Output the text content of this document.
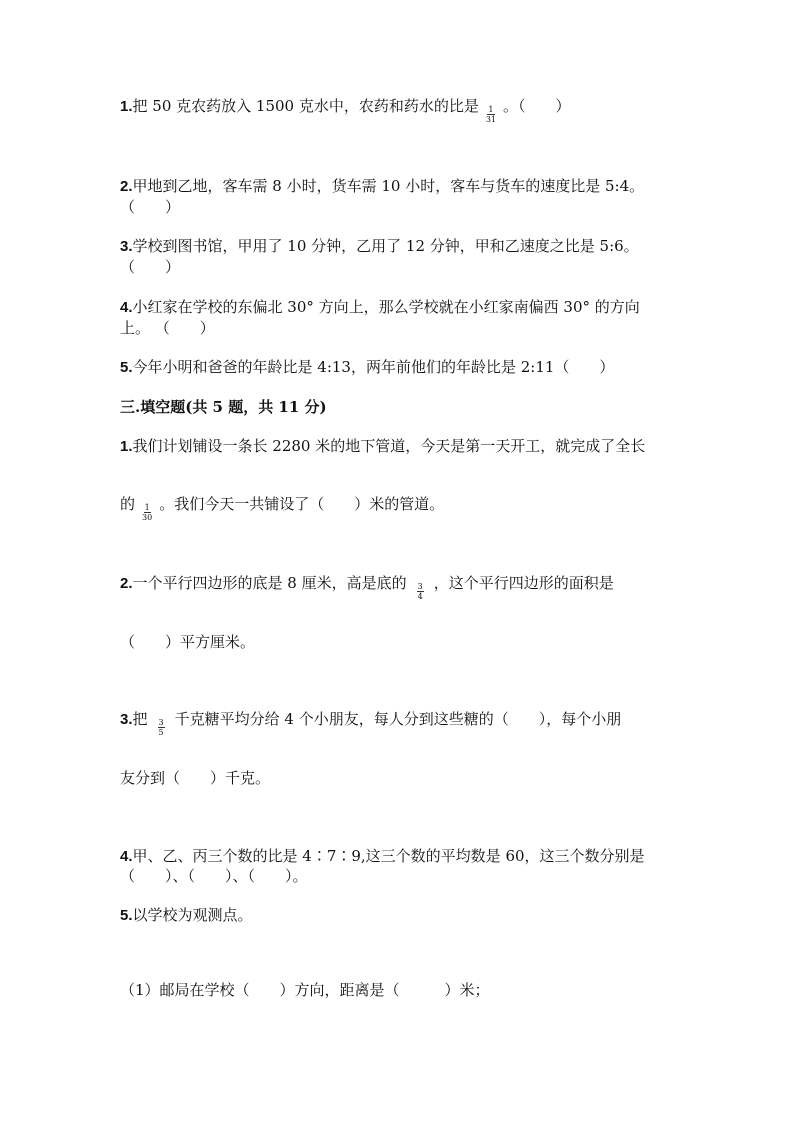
1.把 50 克农药放入 1500 克水中，农药和药水的比是 $\frac{1}{31}$ 。（　　）
2.甲地到乙地，客车需 8 小时，货车需 10 小时，客车与货车的速度比是 5:4。
（　　）
3.学校到图书馆，甲用了 10 分钟，乙用了 12 分钟，甲和乙速度之比是 5:6。
（　　）
4.小红家在学校的东偏北 30° 方向上，那么学校就在小红家南偏西 30° 的方向
上。 （　　）
5.今年小明和爸爸的年龄比是 4:13，两年前他们的年龄比是 2:11（　　）
三.填空题(共 5 题，共 11 分)
1.我们计划铺设一条长 2280 米的地下管道，今天是第一天开工，就完成了全长
的 $\frac{1}{30}$ 。我们今天一共铺设了（　　）米的管道。
2.一个平行四边形的底是 8 厘米，高是底的 $\frac{3}{4}$ ，这个平行四边形的面积是
（　　）平方厘米。
3.把 $\frac{3}{5}$ 千克糖平均分给 4 个小朋友，每人分到这些糖的（　　），每个小朋
友分到（　　）千克。
4.甲、乙、丙三个数的比是 4∶7∶9,这三个数的平均数是 60，这三个数分别是
（　　）、（　　）、（　　）。
5.以学校为观测点。
（1）邮局在学校（　　）方向，距离是（　　　）米；
